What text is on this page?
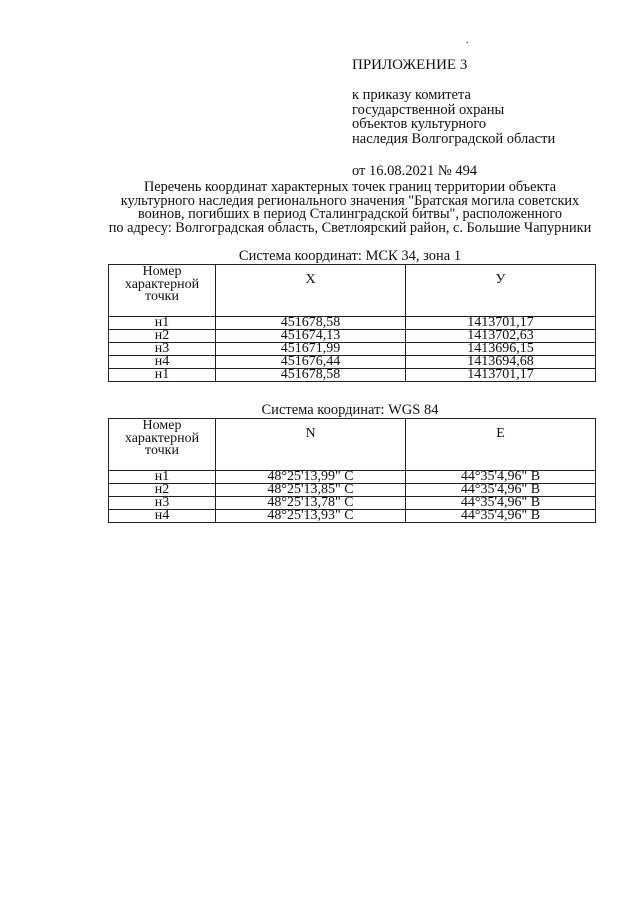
.
ПРИЛОЖЕНИЕ 3
к приказу комитета
государственной охраны
объектов культурного
наследия Волгоградской области
от 16.08.2021 № 494
Перечень координат характерных точек границ территории объекта
культурного наследия регионального значения "Братская могила советских
воинов, погибших в период Сталинградской битвы", расположенного
по адресу: Волгоградская область, Светлоярский район, с. Большие Чапурники
Система координат: МСК 34, зона 1
Номер
характерной
точки	X	У
н1	451678,58	1413701,17
н2	451674,13	1413702,63
н3	451671,99	1413696,15
н4	451676,44	1413694,68
н1	451678,58	1413701,17
Система координат: WGS 84
Номер
характерной
точки	N	E
н1	48°25'13,99" С	44°35'4,96" В
н2	48°25'13,85" С	44°35'4,96" В
н3	48°25'13,78" С	44°35'4,96" В
н4	48°25'13,93" С	44°35'4,96" В
